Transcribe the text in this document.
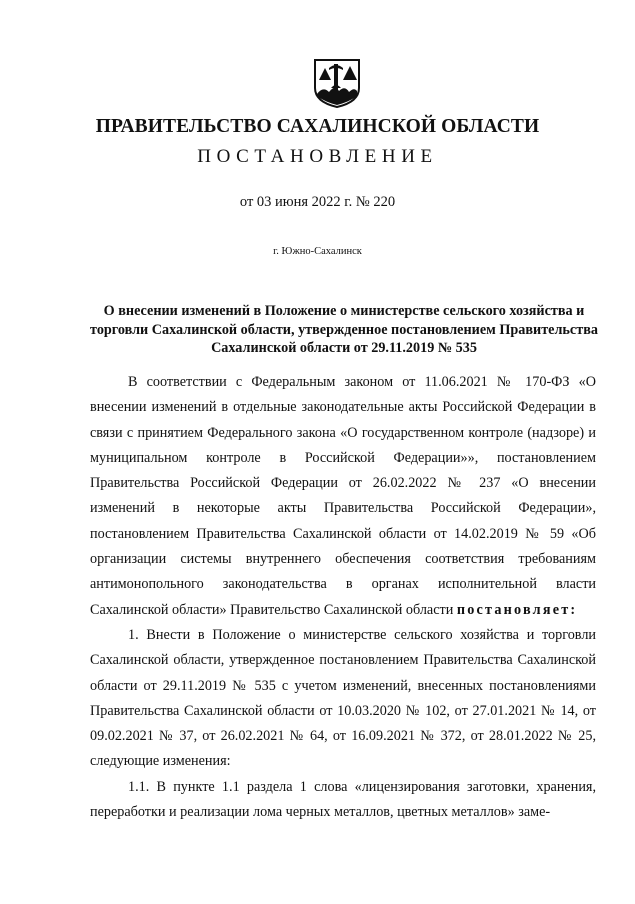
ПРАВИТЕЛЬСТВО САХАЛИНСКОЙ ОБЛАСТИ
ПОСТАНОВЛЕНИЕ
от 03 июня 2022 г. № 220
г. Южно-Сахалинск
О внесении изменений в Положение о министерстве сельского хозяйства и торговли Сахалинской области, утвержденное постановлением Правительства Сахалинской области от 29.11.2019 № 535

В соответствии с Федеральным законом от 11.06.2021 № 170-ФЗ «О внесении изменений в отдельные законодательные акты Российской Федерации в связи с принятием Федерального закона «О государственном контроле (надзоре) и муниципальном контроле в Российской Федерации»», постановлением Правительства Российской Федерации от 26.02.2022 № 237 «О внесении изменений в некоторые акты Правительства Российской Федерации», постановлением Правительства Сахалинской области от 14.02.2019 № 59 «Об организации системы внутреннего обеспечения соответствия требованиям антимонопольного законодательства в органах исполнительной власти Сахалинской области» Правительство Сахалинской области постановляет:

1. Внести в Положение о министерстве сельского хозяйства и торговли Сахалинской области, утвержденное постановлением Правительства Сахалинской области от 29.11.2019 № 535 с учетом изменений, внесенных постановлениями Правительства Сахалинской области от 10.03.2020 № 102, от 27.01.2021 № 14, от 09.02.2021 № 37, от 26.02.2021 № 64, от 16.09.2021 № 372, от 28.01.2022 № 25, следующие изменения:

1.1. В пункте 1.1 раздела 1 слова «лицензирования заготовки, хранения, переработки и реализации лома черных металлов, цветных металлов» заме-
